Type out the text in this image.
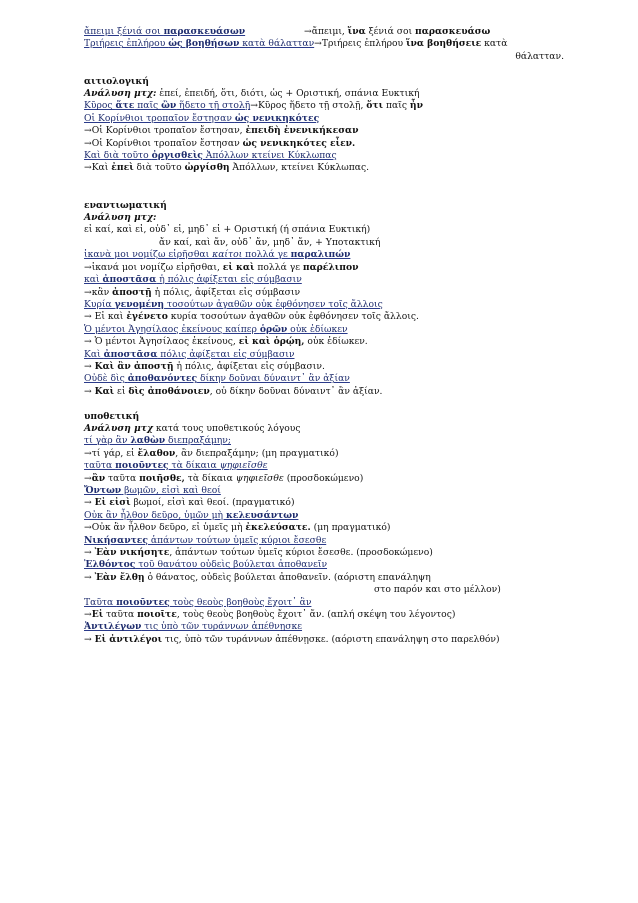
ἄπειμι ξένιά σοι παρασκευάσων	→ἄπειμι, ἵνα ξένιά σοι παρασκευάσω
Τριήρεις ἐπλήρου ὡς βοηθήσων κατὰ θάλατταν→Τριήρεις ἐπλήρου ἵνα βοηθήσειε κατὰ
θάλατταν.
αιτιολογική
Ανάλυση μτχ: ἐπεί, ἐπειδή, ὅτι, διότι, ὡς + Οριστική, σπάνια Ευκτική
Κῦρος ἅτε παῖς ὢν ἥδετο τῇ στολῇ→Κῦρος ἥδετο τῇ στολῇ, ὅτι παῖς ἦν
Οἱ Κορίνθιοι τροπαῖον ἔστησαν ὡς νενικηκότες
→Οἱ Κορίνθιοι τροπαῖον ἔστησαν, ἐπειδὴ ἐνενικήκεσαν
→Οἱ Κορίνθιοι τροπαῖον ἔστησαν ὡς νενικηκότες εἶεν.
Καὶ διὰ τοῦτο ὀργισθεὶς Ἀπόλλων κτείνει Κύκλωπας
→Καὶ ἐπεὶ διὰ τοῦτο ὠργίσθη Ἀπόλλων, κτείνει Κύκλωπας.
εναντιωματική
Ανάλυση μτχ:
εἰ καί, καὶ εἰ, οὐδ᾿ εἰ, μηδ᾿ εἰ + Οριστική (ή σπάνια Ευκτική)
ἄν καί, καὶ ἄν, οὐδ᾿ ἄν, μηδ᾿ ἄν, + Υποτακτική
ἱκανὰ μοι νομίζω εἰρῆσθαι καίτοι πολλά γε παραλιπών
→ἱκανά μοι νομίζω εἰρῆσθαι, εἰ καὶ πολλά γε παρέλιπον
καὶ ἀποστᾶσα ἡ πόλις ἀφίξεται εἰς σύμβασιν
→κἂν ἀποστῇ ἡ πόλις, ἀφίξεται εἰς σύμβασιν
Κυρία γενομένη τοσούτων ἀγαθῶν οὐκ ἐφθόνησεν τοῖς ἄλλοις
→ Εἰ καὶ ἐγένετο κυρία τοσούτων ἀγαθῶν οὐκ ἐφθόνησεν τοῖς ἄλλοις.
Ὁ μέντοι Ἀγησίλαος ἐκείνους καίπερ ὁρῶν οὐκ ἐδίωκεν
→ Ὁ μέντοι Ἀγησίλαος ἐκείνους, εἰ καὶ ὁρῴη, οὐκ ἐδίωκεν.
Καὶ ἀποστᾶσα πόλις ἀφίξεται εἰς σύμβασιν
→ Καὶ ἂν ἀποστῇ ἡ πόλις, ἀφίξεται εἰς σύμβασιν.
Οὐδὲ δὶς ἀποθανόντες δίκην δοῦναι δύναιντ᾿ ἂν ἀξίαν
→ Καὶ εἰ δὶς ἀποθάνοιεν, οὐ δίκην δοῦναι δύναιντ᾿ ἂν ἀξίαν.
υποθετική
Ανάλυση μτχ κατά τους υποθετικούς λόγους
τί γὰρ ἂν λαθὼν διεπραξάμην;
→τί γάρ, εἰ ἔλαθον, ἂν διεπραξάμην; (μη πραγματικό)
ταῦτα ποιοῦντες τὰ δίκαια ψηφιεῖσθε
→ἂν ταῦτα ποιῆσθε, τὰ δίκαια ψηφιεῖσθε (προσδοκώμενο)
Ὄντων βωμῶν, εἰσὶ καὶ θεοί
→ Εἰ εἰσὶ βωμοί, εἰσὶ καὶ θεοί. (πραγματικό)
Οὐκ ἂν ἦλθον δεῦρο, ὑμῶν μὴ κελευσάντων
→Οὐκ ἂν ἦλθον δεῦρο, εἰ ὑμεῖς μὴ ἐκελεύσατε. (μη πραγματικό)
Νικήσαντες ἁπάντων τούτων ὑμεῖς κύριοι ἔσεσθε
→ Ἐὰν νικήσητε, ἁπάντων τούτων ὑμεῖς κύριοι ἔσεσθε. (προσδοκώμενο)
Ἐλθόντος τοῦ θανάτου οὐδεὶς βούλεται ἀποθανεῖν
→ Ἐὰν ἔλθῃ ὁ θάνατος, οὐδεὶς βούλεται ἀποθανεῖν. (αόριστη επανάληψη
στο παρόν και στο μέλλον)
Ταῦτα ποιοῦντες τοὺς θεοὺς βοηθοὺς ἔχοιτ᾿ ἂν
→Εἰ ταῦτα ποιοῖτε, τοὺς θεοὺς βοηθοὺς ἔχοιτ᾿ ἄν. (απλή σκέψη του λέγοντος)
Ἀντιλέγων τις ὑπὸ τῶν τυράννων ἀπέθνῃσκε
→ Εἰ ἀντιλέγοι τις, ὑπὸ τῶν τυράννων ἀπέθνῃσκε. (αόριστη επανάληψη στο παρελθόν)
